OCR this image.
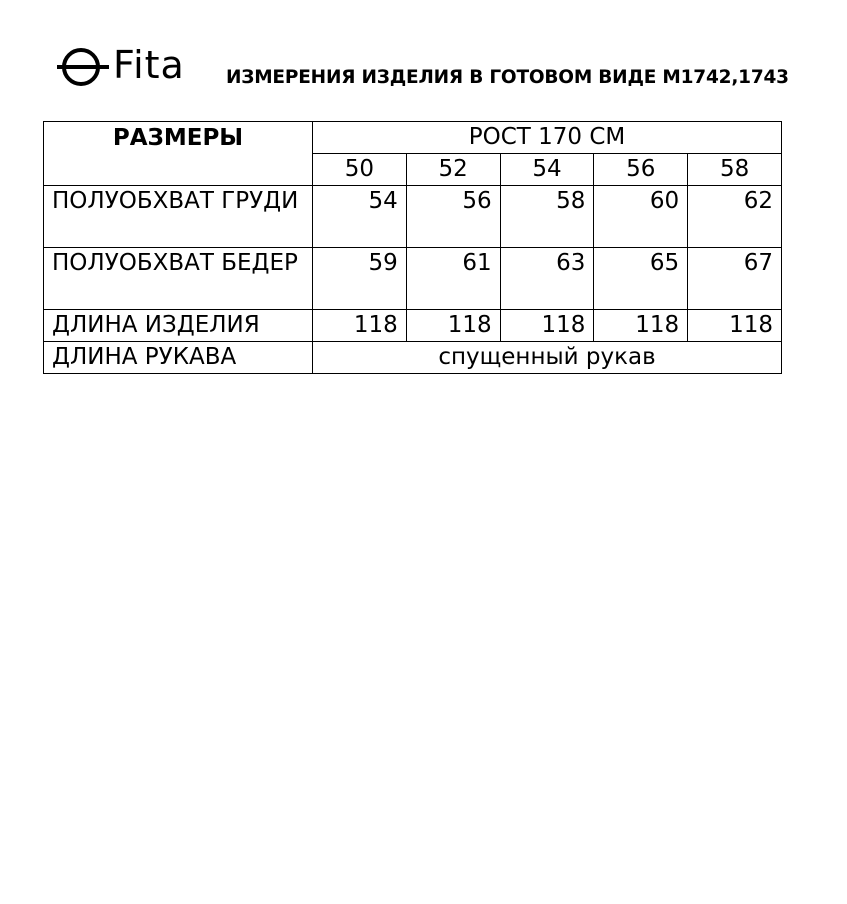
Fita ИЗМЕРЕНИЯ ИЗДЕЛИЯ В ГОТОВОМ ВИДЕ М1742,1743
РАЗМЕРЫ	РОСТ 170 СМ				
	50	52	54	56	58
ПОЛУОБХВАТ ГРУДИ	54	56	58	60	62
ПОЛУОБХВАТ БЕДЕР	59	61	63	65	67
ДЛИНА ИЗДЕЛИЯ	118	118	118	118	118
ДЛИНА РУКАВА	спущенный рукав				
